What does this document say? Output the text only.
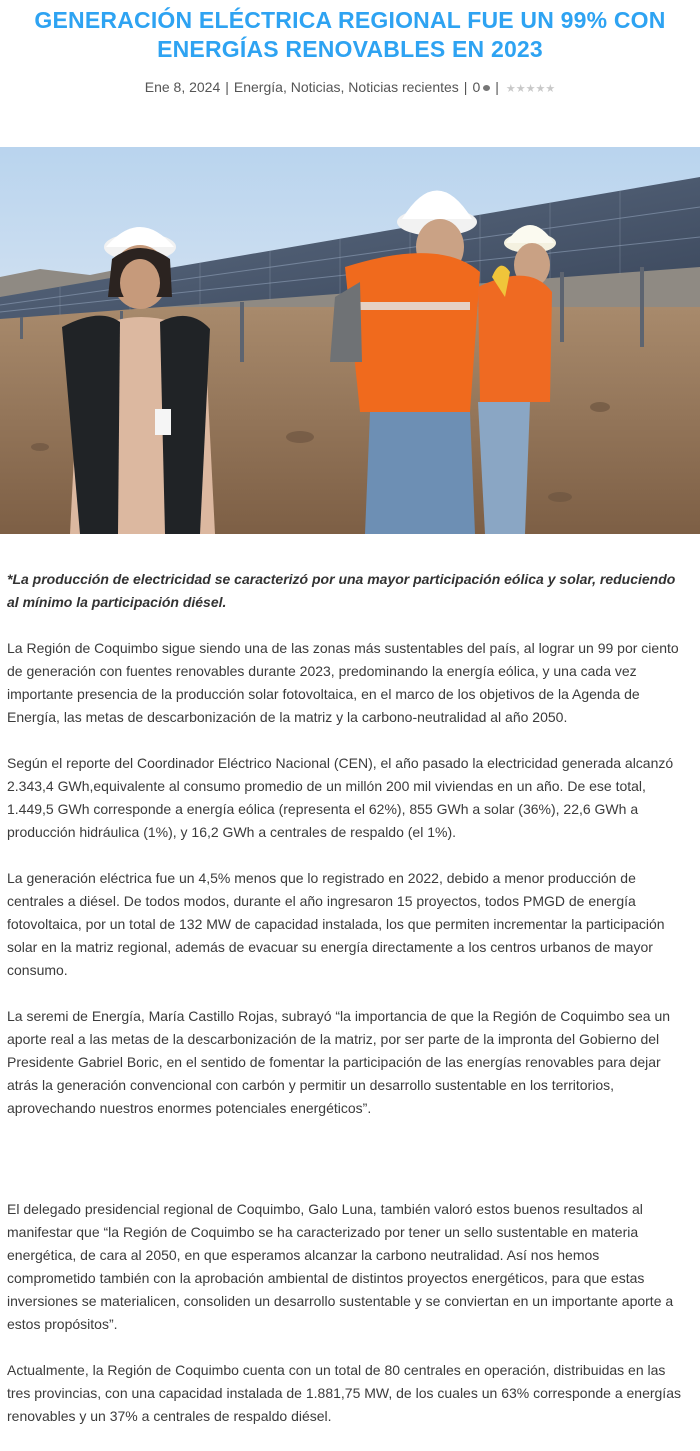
GENERACIÓN ELÉCTRICA REGIONAL FUE UN 99% CON ENERGÍAS RENOVABLES EN 2023
Ene 8, 2024 | Energía, Noticias, Noticias recientes | 0 | ★★★★★

*La producción de electricidad se caracterizó por una mayor participación eólica y solar, reduciendo al mínimo la participación diésel.

La Región de Coquimbo sigue siendo una de las zonas más sustentables del país, al lograr un 99 por ciento de generación con fuentes renovables durante 2023, predominando la energía eólica, y una cada vez importante presencia de la producción solar fotovoltaica, en el marco de los objetivos de la Agenda de Energía, las metas de descarbonización de la matriz y la carbono-neutralidad al año 2050.

Según el reporte del Coordinador Eléctrico Nacional (CEN), el año pasado la electricidad generada alcanzó 2.343,4 GWh,equivalente al consumo promedio de un millón 200 mil viviendas en un año. De ese total, 1.449,5 GWh corresponde a energía eólica (representa el 62%), 855 GWh a solar (36%), 22,6 GWh a producción hidráulica (1%), y 16,2 GWh a centrales de respaldo (el 1%).

La generación eléctrica fue un 4,5% menos que lo registrado en 2022, debido a menor producción de centrales a diésel. De todos modos, durante el año ingresaron 15 proyectos, todos PMGD de energía fotovoltaica, por un total de 132 MW de capacidad instalada, los que permiten incrementar la participación solar en la matriz regional, además de evacuar su energía directamente a los centros urbanos de mayor consumo.

La seremi de Energía, María Castillo Rojas, subrayó “la importancia de que la Región de Coquimbo sea un aporte real a las metas de la descarbonización de la matriz, por ser parte de la impronta del Gobierno del Presidente Gabriel Boric, en el sentido de fomentar la participación de las energías renovables para dejar atrás la generación convencional con carbón y permitir un desarrollo sustentable en los territorios, aprovechando nuestros enormes potenciales energéticos”.

El delegado presidencial regional de Coquimbo, Galo Luna, también valoró estos buenos resultados al manifestar que “la Región de Coquimbo se ha caracterizado por tener un sello sustentable en materia energética, de cara al 2050, en que esperamos alcanzar la carbono neutralidad. Así nos hemos comprometido también con la aprobación ambiental de distintos proyectos energéticos, para que estas inversiones se materialicen, consoliden un desarrollo sustentable y se conviertan en un importante aporte a estos propósitos”.

Actualmente, la Región de Coquimbo cuenta con un total de 80 centrales en operación, distribuidas en las tres provincias, con una capacidad instalada de 1.881,75 MW, de los cuales un 63% corresponde a energías renovables y un 37% a centrales de respaldo diésel.
